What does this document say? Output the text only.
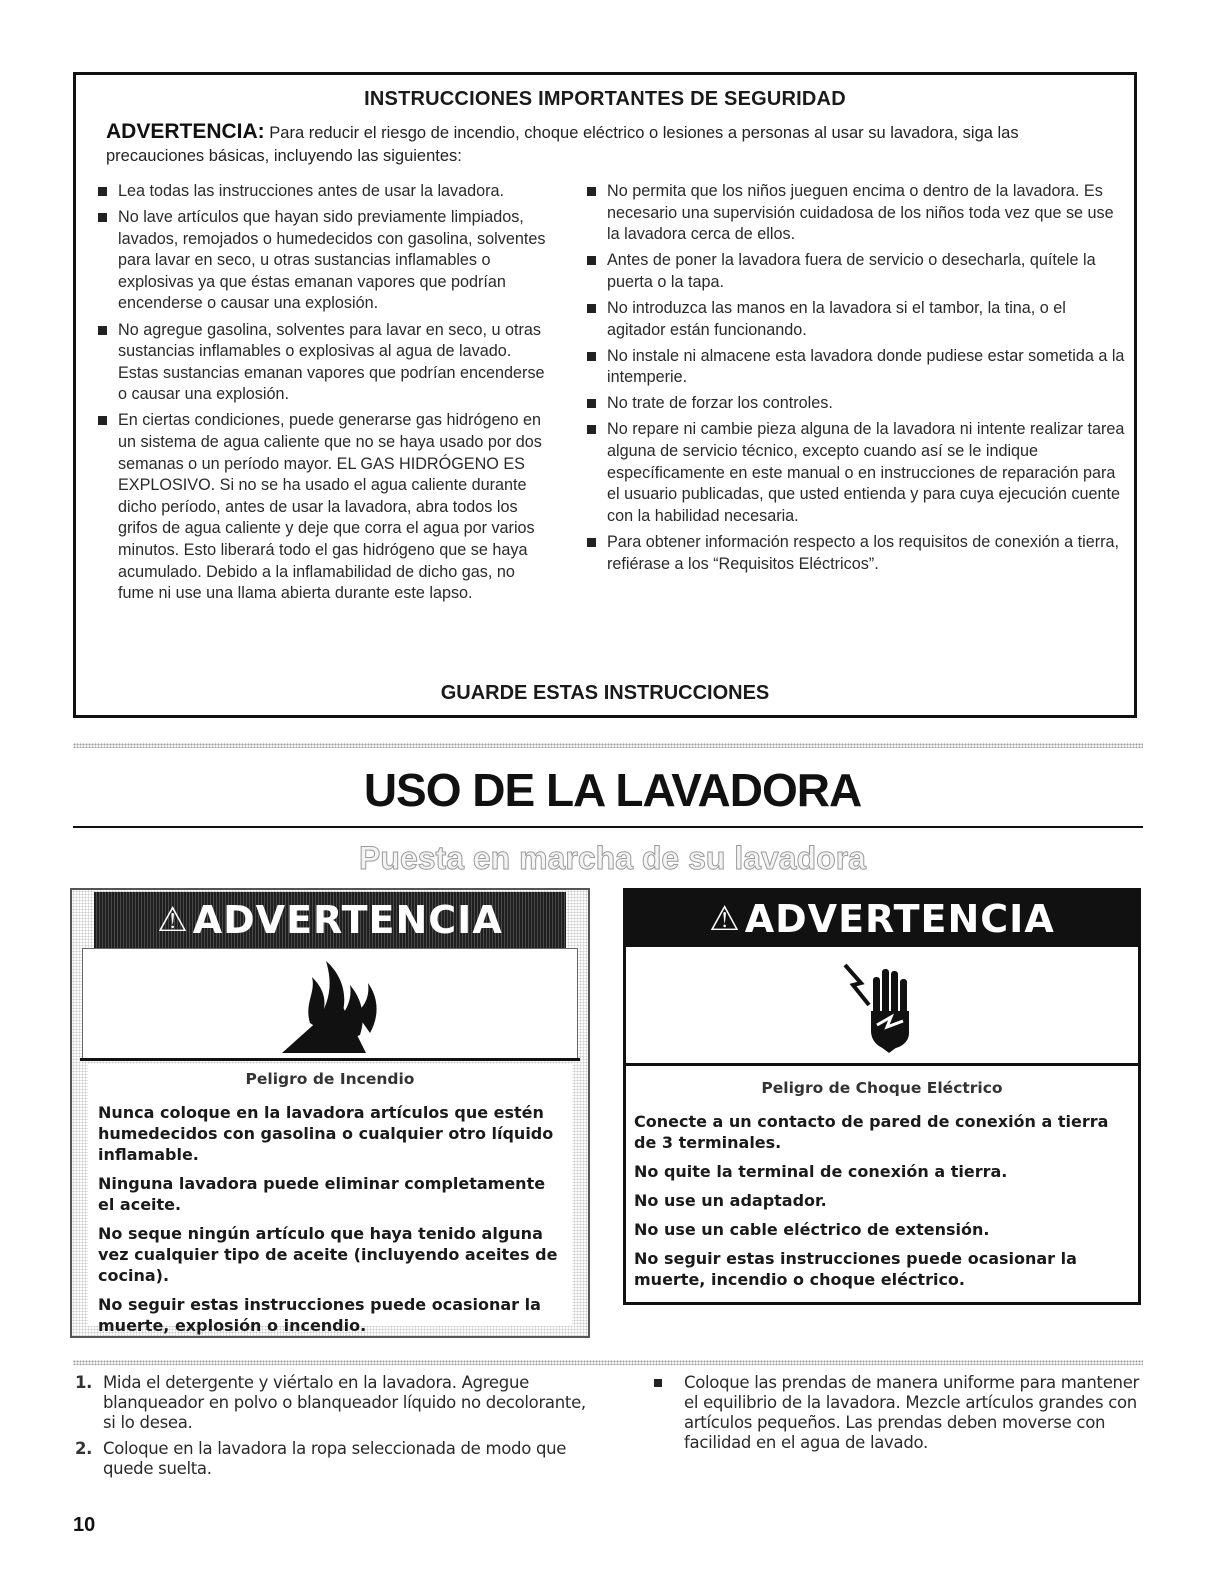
INSTRUCCIONES IMPORTANTES DE SEGURIDAD

ADVERTENCIA: Para reducir el riesgo de incendio, choque eléctrico o lesiones a personas al usar su lavadora, siga las precauciones básicas, incluyendo las siguientes:

Lea todas las instrucciones antes de usar la lavadora.
No lave artículos que hayan sido previamente limpiados, lavados, remojados o humedecidos con gasolina, solventes para lavar en seco, u otras sustancias inflamables o explosivas ya que éstas emanan vapores que podrían encenderse o causar una explosión.
No agregue gasolina, solventes para lavar en seco, u otras sustancias inflamables o explosivas al agua de lavado. Estas sustancias emanan vapores que podrían encenderse o causar una explosión.
En ciertas condiciones, puede generarse gas hidrógeno en un sistema de agua caliente que no se haya usado por dos semanas o un período mayor. EL GAS HIDRÓGENO ES EXPLOSIVO. Si no se ha usado el agua caliente durante dicho período, antes de usar la lavadora, abra todos los grifos de agua caliente y deje que corra el agua por varios minutos. Esto liberará todo el gas hidrógeno que se haya acumulado. Debido a la inflamabilidad de dicho gas, no fume ni use una llama abierta durante este lapso.
No permita que los niños jueguen encima o dentro de la lavadora. Es necesario una supervisión cuidadosa de los niños toda vez que se use la lavadora cerca de ellos.
Antes de poner la lavadora fuera de servicio o desecharla, quítele la puerta o la tapa.
No introduzca las manos en la lavadora si el tambor, la tina, o el agitador están funcionando.
No instale ni almacene esta lavadora donde pudiese estar sometida a la intemperie.
No trate de forzar los controles.
No repare ni cambie pieza alguna de la lavadora ni intente realizar tarea alguna de servicio técnico, excepto cuando así se le indique específicamente en este manual o en instrucciones de reparación para el usuario publicadas, que usted entienda y para cuya ejecución cuente con la habilidad necesaria.
Para obtener información respecto a los requisitos de conexión a tierra, refiérase a los “Requisitos Eléctricos”.
GUARDE ESTAS INSTRUCCIONES
USO DE LA LAVADORA
Puesta en marcha de su lavadora
⚠ ADVERTENCIA
Peligro de Incendio

Nunca coloque en la lavadora artículos que estén humedecidos con gasolina o cualquier otro líquido inflamable.

Ninguna lavadora puede eliminar completamente el aceite.

No seque ningún artículo que haya tenido alguna vez cualquier tipo de aceite (incluyendo aceites de cocina).

No seguir estas instrucciones puede ocasionar la muerte, explosión o incendio.

⚠ ADVERTENCIA
Peligro de Choque Eléctrico

Conecte a un contacto de pared de conexión a tierra de 3 terminales.

No quite la terminal de conexión a tierra.

No use un adaptador.

No use un cable eléctrico de extensión.

No seguir estas instrucciones puede ocasionar la muerte, incendio o choque eléctrico.

1. Mida el detergente y viértalo en la lavadora. Agregue blanqueador en polvo o blanqueador líquido no decolorante, si lo desea.
2. Coloque en la lavadora la ropa seleccionada de modo que quede suelta.
Coloque las prendas de manera uniforme para mantener el equilibrio de la lavadora. Mezcle artículos grandes con artículos pequeños. Las prendas deben moverse con facilidad en el agua de lavado.
10
